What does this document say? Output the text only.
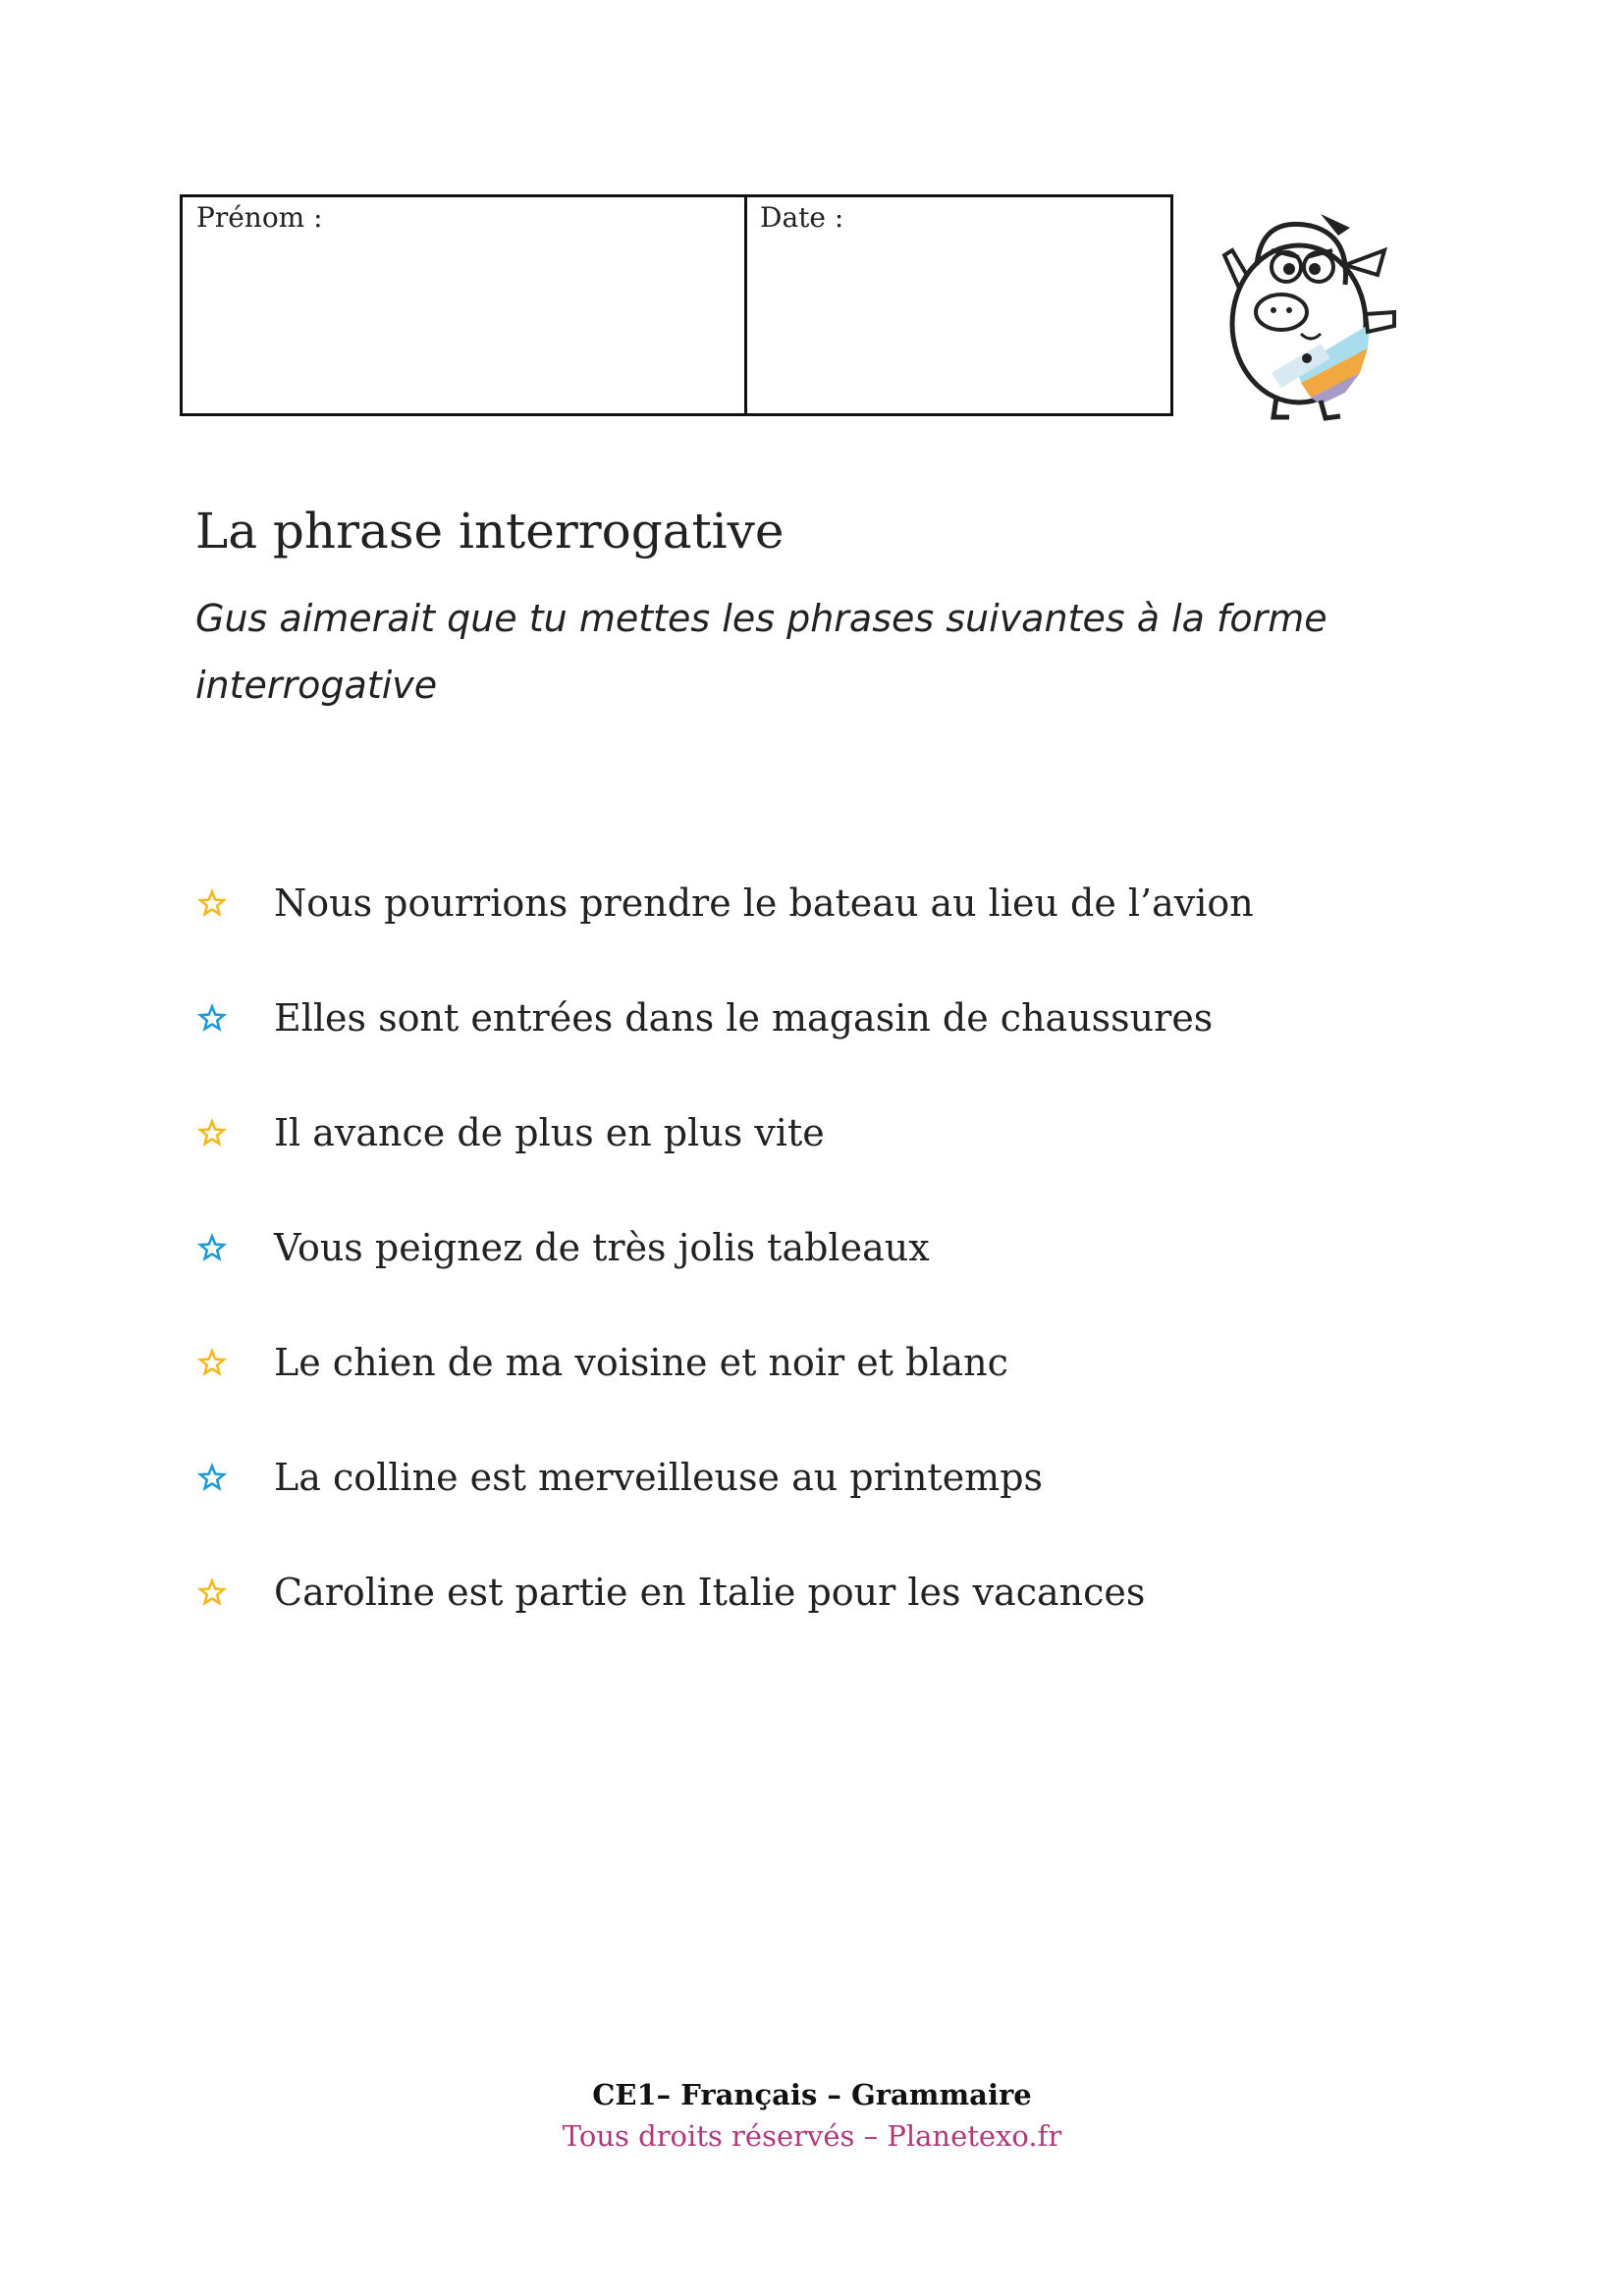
Prénom :	Date :
La phrase interrogative
Gus aimerait que tu mettes les phrases suivantes à la forme interrogative
Nous pourrions prendre le bateau au lieu de l’avion
Elles sont entrées dans le magasin de chaussures
Il avance de plus en plus vite
Vous peignez de très jolis tableaux
Le chien de ma voisine et noir et blanc
La colline est merveilleuse au printemps
Caroline est partie en Italie pour les vacances
CE1– Français – Grammaire
Tous droits réservés – Planetexo.fr
